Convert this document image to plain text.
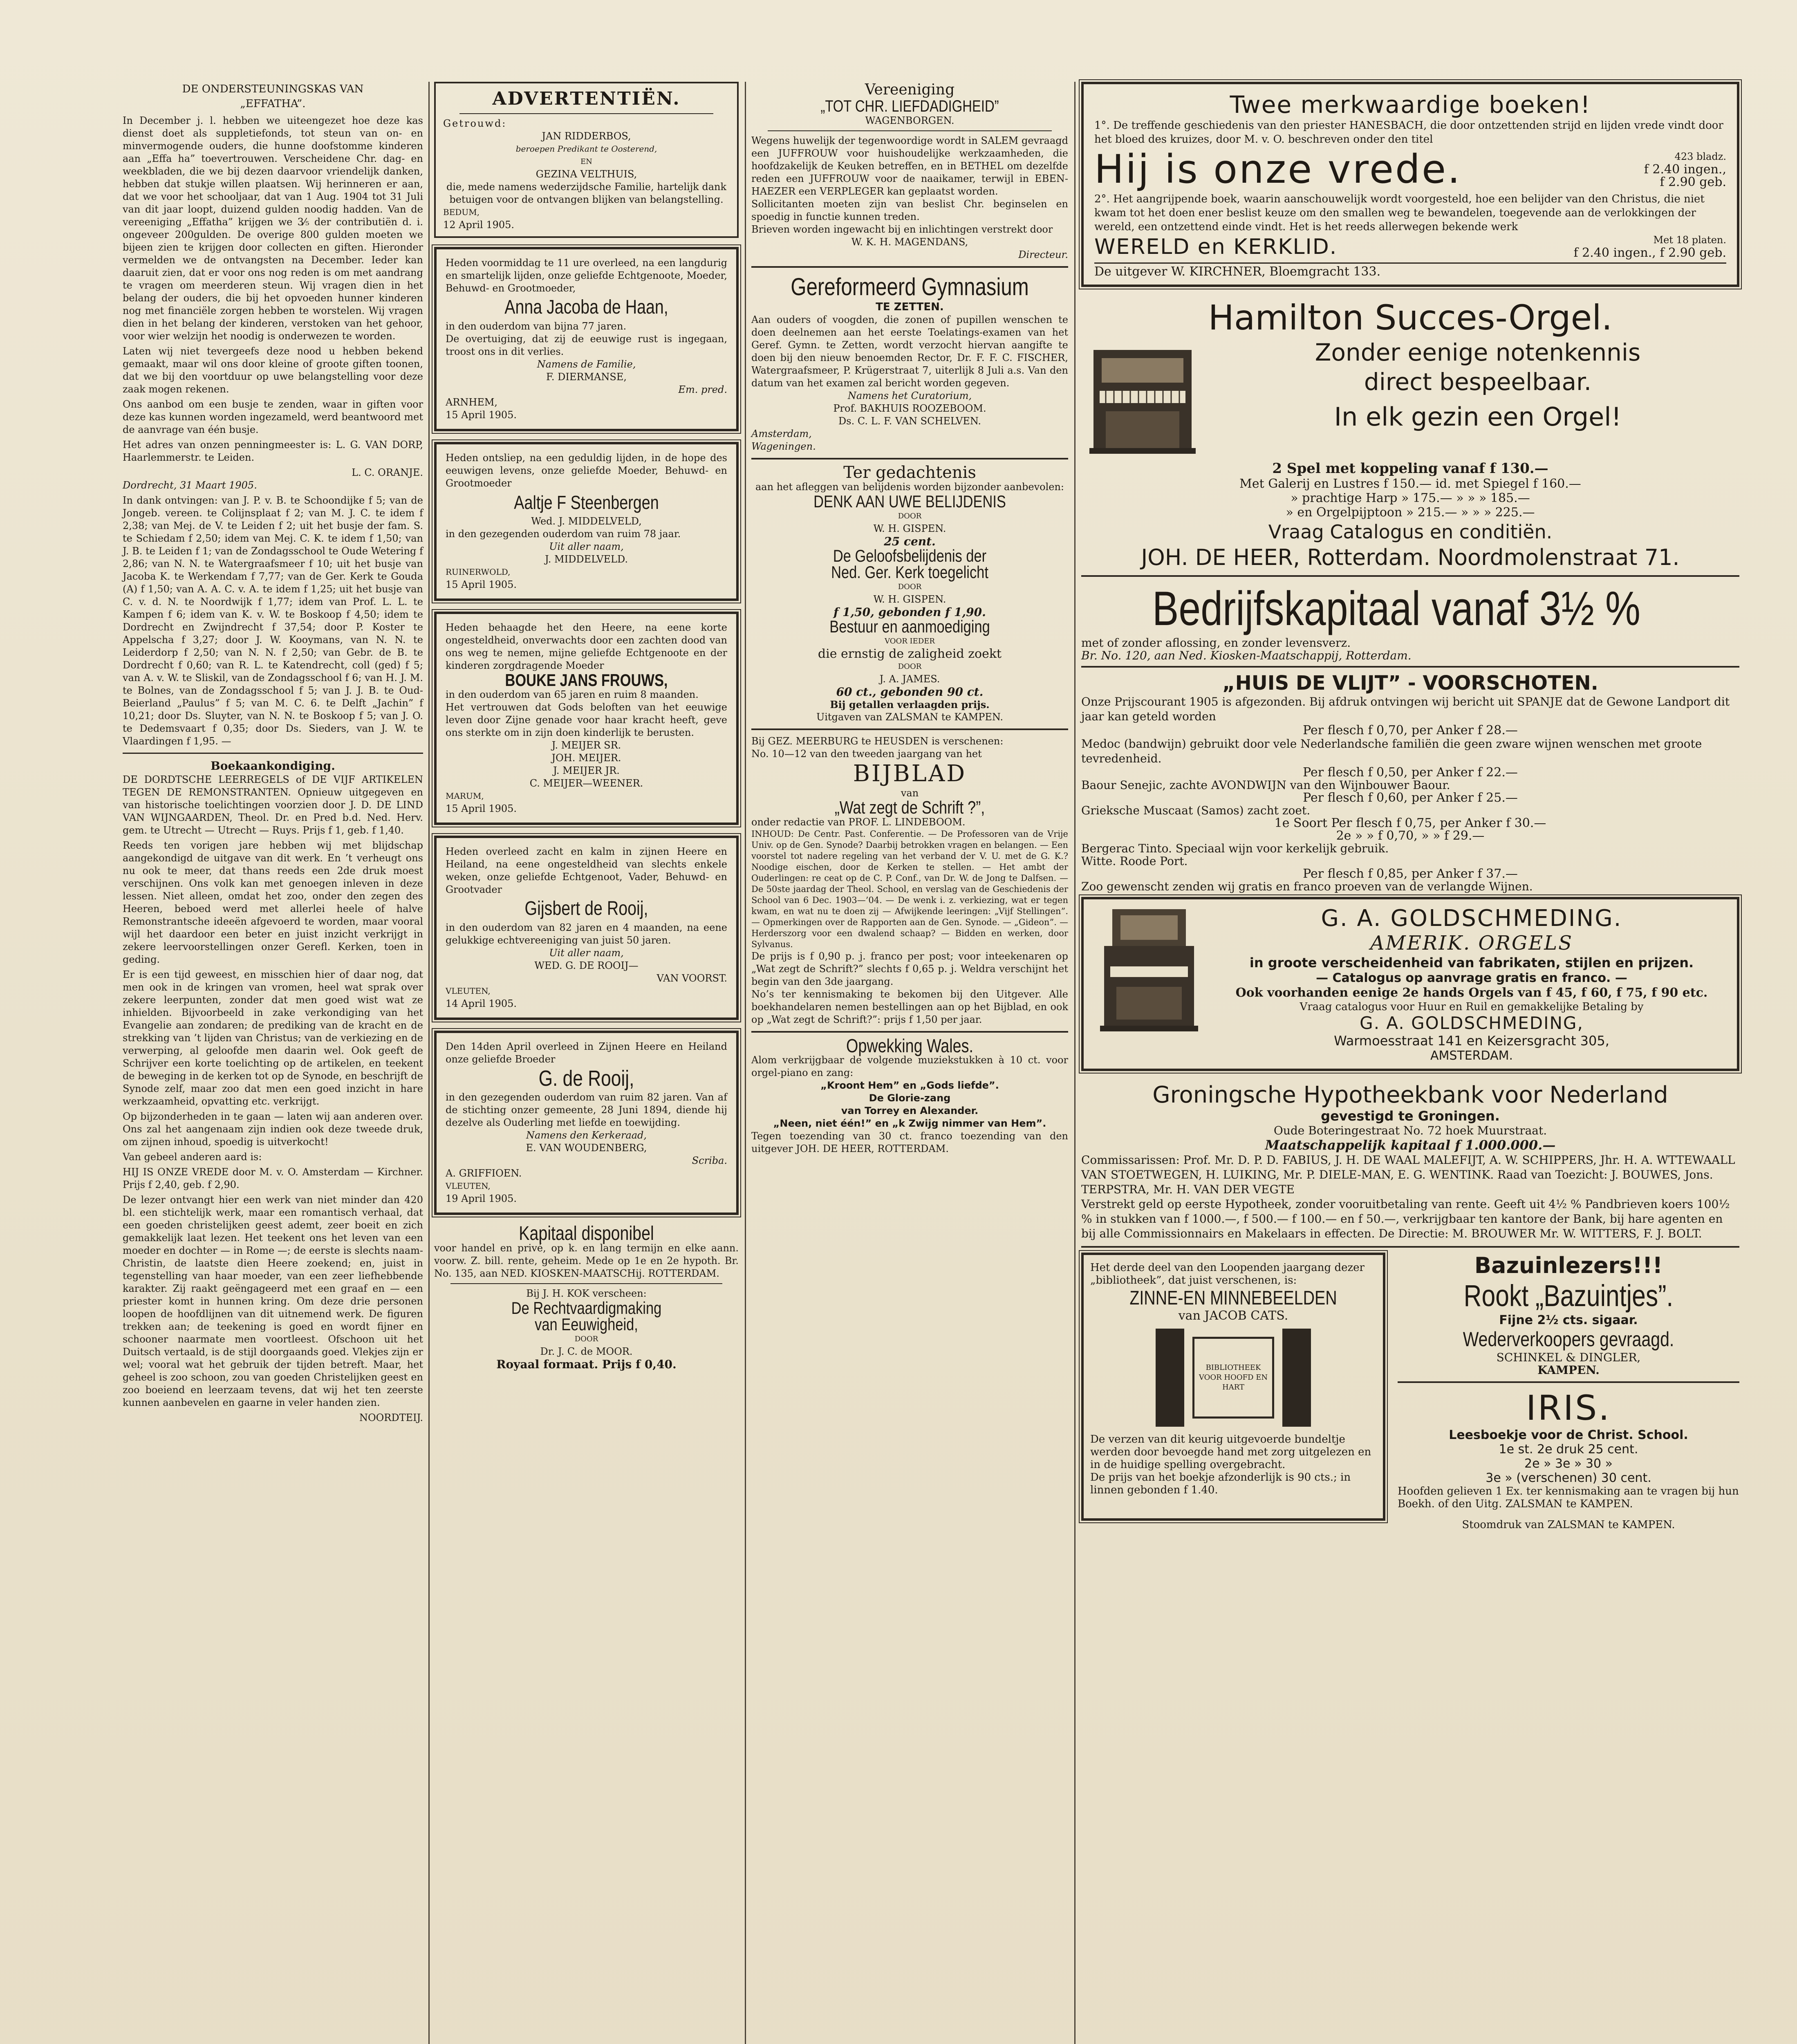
DE ONDERSTEUNINGSKAS VAN
„EFFATHA”.

In December j. l. hebben we uiteengezet hoe deze kas dienst doet als suppletiefonds, tot steun van on- en minvermogende ouders, die hunne doofstomme kinderen aan „Effa ha” toevertrouwen. Verscheidene Chr. dag- en weekbladen, die we bij dezen daarvoor vriendelijk danken, hebben dat stukje willen plaatsen. Wij herinneren er aan, dat we voor het schooljaar, dat van 1 Aug. 1904 tot 31 Juli van dit jaar loopt, duizend gulden noodig hadden. Van de vereeniging „Effatha” krijgen we 3⁄₅ der contributiën d. i. ongeveer 200gulden. De overige 800 gulden moeten we bijeen zien te krijgen door collecten en giften. Hieronder vermelden we de ontvangsten na December. Ieder kan daaruit zien, dat er voor ons nog reden is om met aandrang te vragen om meerderen steun. Wij vragen dien in het belang der ouders, die bij het opvoeden hunner kinderen nog met financiële zorgen hebben te worstelen. Wij vragen dien in het belang der kinderen, verstoken van het gehoor, voor wier welzijn het noodig is onderwezen te worden.

Laten wij niet tevergeefs deze nood u hebben bekend gemaakt, maar wil ons door kleine of groote giften toonen, dat we bij den voortduur op uwe belangstelling voor deze zaak mogen rekenen.

Ons aanbod om een busje te zenden, waar in giften voor deze kas kunnen worden ingezameld, werd beantwoord met de aanvrage van één busje.

Het adres van onzen penningmeester is: L. G. VAN DORP, Haarlemmerstr. te Leiden.

L. C. ORANJE.

Dordrecht, 31 Maart 1905.

In dank ontvingen: van J. P. v. B. te Schoondijke f 5; van de Jongeb. vereen. te Colijnsplaat f 2; van M. J. C. te idem f 2,38; van Mej. de V. te Leiden f 2; uit het busje der fam. S. te Schiedam f 2,50; idem van Mej. C. K. te idem f 1,50; van J. B. te Leiden f 1; van de Zondagsschool te Oude Wetering f 2,86; van N. N. te Watergraafsmeer f 10; uit het busje van Jacoba K. te Werkendam f 7,77; van de Ger. Kerk te Gouda (A) f 1,50; van A. A. C. v. A. te idem f 1,25; uit het busje van C. v. d. N. te Noordwijk f 1,77; idem van Prof. L. L. te Kampen f 6; idem van K. v. W. te Boskoop f 4,50; idem te Dordrecht en Zwijndrecht f 37,54; door P. Koster te Appelscha f 3,27; door J. W. Kooymans, van N. N. te Leiderdorp f 2,50; van N. N. f 2,50; van Gebr. de B. te Dordrecht f 0,60; van R. L. te Katendrecht, coll (ged) f 5; van A. v. W. te Sliskil, van de Zondagsschool f 6; van H. J. M. te Bolnes, van de Zondagsschool f 5; van J. J. B. te Oud-Beierland „Paulus” f 5; van M. C. 6. te Delft „Jachin” f 10,21; door Ds. Sluyter, van N. N. te Boskoop f 5; van J. O. te Dedemsvaart f 0,35; door Ds. Sieders, van J. W. te Vlaardingen f 1,95. —

Boekaankondiging.

DE DORDTSCHE LEERREGELS of DE VIJF ARTIKELEN TEGEN DE REMONSTRANTEN. Opnieuw uitgegeven en van historische toelichtingen voorzien door J. D. DE LIND VAN WIJNGAARDEN, Theol. Dr. en Pred b.d. Ned. Herv. gem. te Utrecht — Utrecht — Ruys. Prijs f 1, geb. f 1,40.

Reeds ten vorigen jare hebben wij met blijdschap aangekondigd de uitgave van dit werk. En ’t verheugt ons nu ook te meer, dat thans reeds een 2de druk moest verschijnen. Ons volk kan met genoegen inleven in deze lessen. Niet alleen, omdat het zoo, onder den zegen des Heeren, beboed werd met allerlei heele of halve Remonstrantsche ideeën afgevoerd te worden, maar vooral wijl het daardoor een beter en juist inzicht verkrijgt in zekere leervoorstellingen onzer Gerefl. Kerken, toen in geding.

Er is een tijd geweest, en misschien hier of daar nog, dat men ook in de kringen van vromen, heel wat sprak over zekere leerpunten, zonder dat men goed wist wat ze inhielden. Bijvoorbeeld in zake verkondiging van het Evangelie aan zondaren; de prediking van de kracht en de strekking van ’t lijden van Christus; van de verkiezing en de verwerping, al geloofde men daarin wel. Ook geeft de Schrijver een korte toelichting op de artikelen, en teekent de beweging in de kerken tot op de Synode, en beschrijft de Synode zelf, maar zoo dat men een goed inzicht in hare werkzaamheid, opvatting etc. verkrijgt.

Op bijzonderheden in te gaan — laten wij aan anderen over. Ons zal het aangenaam zijn indien ook deze tweede druk, om zijnen inhoud, spoedig is uitverkocht!

Van gebeel anderen aard is:

HIJ IS ONZE VREDE door M. v. O. Amsterdam — Kirchner. Prijs f 2,40, geb. f 2,90.

De lezer ontvangt hier een werk van niet minder dan 420 bl. een stichtelijk werk, maar een romantisch verhaal, dat een goeden christelijken geest ademt, zeer boeit en zich gemakkelijk laat lezen. Het teekent ons het leven van een moeder en dochter — in Rome —; de eerste is slechts naam-Christin, de laatste dien Heere zoekend; en, juist in tegenstelling van haar moeder, van een zeer liefhebbende karakter. Zij raakt geëngageerd met een graaf en — een priester komt in hunnen kring. Om deze drie personen loopen de hoofdlijnen van dit uitnemend werk. De figuren trekken aan; de teekening is goed en wordt fijner en schooner naarmate men voortleest. Ofschoon uit het Duitsch vertaald, is de stijl doorgaands goed. Vlekjes zijn er wel; vooral wat het gebruik der tijden betreft. Maar, het geheel is zoo schoon, zou van goeden Christelijken geest en zoo boeiend en leerzaam tevens, dat wij het ten zeerste kunnen aanbevelen en gaarne in veler handen zien.

NOORDTEIJ.
ADVERTENTIËN.
Getrouwd:
JAN RIDDERBOS,
beroepen Predikant te Oosterend,
EN
GEZINA VELTHUIS,
die, mede namens wederzijdsche Familie, hartelijk dank betuigen voor de ontvangen blijken van belangstelling.
BEDUM,
12 April 1905.
Heden voormiddag te 11 ure overleed, na een langdurig en smartelijk lijden, onze geliefde Echtgenoote, Moeder, Behuwd- en Grootmoeder,
Anna Jacoba de Haan,
in den ouderdom van bijna 77 jaren.
De overtuiging, dat zij de eeuwige rust is ingegaan, troost ons in dit verlies.
Namens de Familie,
F. DIERMANSE,
Em. pred.
ARNHEM,
15 April 1905.
Heden ontsliep, na een geduldig lijden, in de hope des eeuwigen levens, onze geliefde Moeder, Behuwd- en Grootmoeder
Aaltje F Steenbergen
Wed. J. MIDDELVELD,
in den gezegenden ouderdom van ruim 78 jaar.
Uit aller naam,
J. MIDDELVELD.
RUINERWOLD,
15 April 1905.
Heden behaagde het den Heere, na eene korte ongesteldheid, onverwachts door een zachten dood van ons weg te nemen, mijne geliefde Echtgenoote en der kinderen zorgdragende Moeder
BOUKE JANS FROUWS,
in den ouderdom van 65 jaren en ruim 8 maanden.
Het vertrouwen dat Gods beloften van het eeuwige leven door Zijne genade voor haar kracht heeft, geve ons sterkte om in zijn doen kinderlijk te berusten.
J. MEIJER SR.
JOH. MEIJER.
J. MEIJER JR.
C. MEIJER—WEENER.
MARUM,
15 April 1905.
Heden overleed zacht en kalm in zijnen Heere en Heiland, na eene ongesteldheid van slechts enkele weken, onze geliefde Echtgenoot, Vader, Behuwd- en Grootvader
Gijsbert de Rooij,
in den ouderdom van 82 jaren en 4 maanden, na eene gelukkige echtvereeniging van juist 50 jaren.
Uit aller naam,
WED. G. DE ROOIJ—
VAN VOORST.
VLEUTEN,
14 April 1905.
Den 14den April overleed in Zijnen Heere en Heiland onze geliefde Broeder
G. de Rooij,
in den gezegenden ouderdom van ruim 82 jaren. Van af de stichting onzer gemeente, 28 Juni 1894, diende hij dezelve als Ouderling met liefde en toewijding.
Namens den Kerkeraad,
E. VAN WOUDENBERG,
Scriba.
A. GRIFFIOEN.
VLEUTEN,
19 April 1905.
Kapitaal disponibel
voor handel en privé, op k. en lang termijn en elke aann. voorw. Z. bill. rente, geheim. Mede op 1e en 2e hypoth. Br. No. 135, aan NED. KIOSKEN-MAATSCHij. ROTTERDAM.
Bij J. H. KOK verscheen:
De Rechtvaardigmaking van Eeuwigheid,
DOOR
Dr. J. C. de MOOR.
Royaal formaat. Prijs f 0,40.
Vereeniging
„TOT CHR. LIEFDADIGHEID”
WAGENBORGEN.
Wegens huwelijk der tegenwoordige wordt in SALEM gevraagd een JUFFROUW voor huishoudelijke werkzaamheden, die hoofdzakelijk de Keuken betreffen, en in BETHEL om dezelfde reden een JUFFROUW voor de naaikamer, terwijl in EBEN-HAEZER een VERPLEGER kan geplaatst worden.
Sollicitanten moeten zijn van beslist Chr. beginselen en spoedig in functie kunnen treden.
Brieven worden ingewacht bij en inlichtingen verstrekt door
W. K. H. MAGENDANS,
Directeur.
Gereformeerd Gymnasium
TE ZETTEN.
Aan ouders of voogden, die zonen of pupillen wenschen te doen deelnemen aan het eerste Toelatings-examen van het Geref. Gymn. te Zetten, wordt verzocht hiervan aangifte te doen bij den nieuw benoemden Rector, Dr. F. F. C. FISCHER, Watergraafsmeer, P. Krügerstraat 7, uiterlijk 8 Juli a.s. Van den datum van het examen zal bericht worden gegeven.
Namens het Curatorium,
Prof. BAKHUIS ROOZEBOOM.
Ds. C. L. F. VAN SCHELVEN.
Amsterdam,
Wageningen.
Ter gedachtenis
aan het afleggen van belijdenis worden bijzonder aanbevolen:
DENK AAN UWE BELIJDENIS
DOOR
W. H. GISPEN.
25 cent.
De Geloofsbelijdenis der Ned. Ger. Kerk toegelicht
DOOR
W. H. GISPEN.
f 1,50, gebonden f 1,90.
Bestuur en aanmoediging
VOOR IEDER
die ernstig de zaligheid zoekt
DOOR
J. A. JAMES.
60 ct., gebonden 90 ct.
Bij getallen verlaagden prijs.
Uitgaven van ZALSMAN te KAMPEN.
Bij GEZ. MEERBURG te HEUSDEN is verschenen:
No. 10—12 van den tweeden jaargang van het
BIJBLAD
van
„Wat zegt de Schrift ?”,
onder redactie van PROF. L. LINDEBOOM.
INHOUD: De Centr. Past. Conferentie. — De Professoren van de Vrije Univ. op de Gen. Synode? Daarbij betrokken vragen en belangen. — Een voorstel tot nadere regeling van het verband der V. U. met de G. K.? Noodige eischen, door de Kerken te stellen. — Het ambt der Ouderlingen: re ceat op de C. P. Conf., van Dr. W. de Jong te Dalfsen. — De 50ste jaardag der Theol. School, en verslag van de Geschiedenis der School van 6 Dec. 1903—’04. — De wenk i. z. verkiezing, wat er tegen kwam, en wat nu te doen zij — Afwijkende leeringen: „Vijf Stellingen”. — Opmerkingen over de Rapporten aan de Gen. Synode. — „Gideon”. — Herderszorg voor een dwalend schaap? — Bidden en werken, door Sylvanus.
De prijs is f 0,90 p. j. franco per post; voor inteekenaren op „Wat zegt de Schrift?” slechts f 0,65 p. j. Weldra verschijnt het begin van den 3de jaargang.
No’s ter kennismaking te bekomen bij den Uitgever. Alle boekhandelaren nemen bestellingen aan op het Bijblad, en ook op „Wat zegt de Schrift?”: prijs f 1,50 per jaar.
Opwekking Wales.
Alom verkrijgbaar de volgende muziekstukken à 10 ct. voor orgel-piano en zang:
„Kroont Hem” en „Gods liefde”.
De Glorie-zang
van Torrey en Alexander.
„Neen, niet één!” en „k Zwijg nimmer van Hem”.
Tegen toezending van 30 ct. franco toezending van den uitgever JOH. DE HEER, ROTTERDAM.
Twee merkwaardige boeken!
1°. De treffende geschiedenis van den priester HANESBACH, die door ontzettenden strijd en lijden vrede vindt door het bloed des kruizes, door M. v. O. beschreven onder den titel
Hij is onze vrede.	423 bladz.
f 2.40 ingen.,
f 2.90 geb.
2°. Het aangrijpende boek, waarin aanschouwelijk wordt voorgesteld, hoe een belijder van den Christus, die niet kwam tot het doen ener beslist keuze om den smallen weg te bewandelen, toegevende aan de verlokkingen der wereld, een ontzettend einde vindt. Het is het reeds allerwegen bekende werk
WERELD en KERKLID.	Met 18 platen.
f 2.40 ingen., f 2.90 geb.
De uitgever W. KIRCHNER, Bloemgracht 133.
Hamilton Succes-Orgel.
Zonder eenige notenkennis
direct bespeelbaar.
In elk gezin een Orgel!
2 Spel met koppeling vanaf f 130.—
Met Galerij en Lustres f 150.— id. met Spiegel f 160.—
» prachtige Harp » 175.— » » » 185.—
» en Orgelpijptoon » 215.— » » » 225.—
Vraag Catalogus en conditiën.
JOH. DE HEER, Rotterdam. Noordmolenstraat 71.
Bedrijfskapitaal vanaf 3½ %
met of zonder aflossing, en zonder levensverz.
Br. No. 120, aan Ned. Kiosken-Maatschappij, Rotterdam.
„HUIS DE VLIJT” - VOORSCHOTEN.
Onze Prijscourant 1905 is afgezonden. Bij afdruk ontvingen wij bericht uit SPANJE dat de Gewone Landport dit jaar kan geteld worden
Per flesch f 0,70, per Anker f 28.—
Medoc (bandwijn) gebruikt door vele Nederlandsche familiën die geen zware wijnen wenschen met groote tevredenheid.
Per flesch f 0,50, per Anker f 22.—
Baour Senejic, zachte AVONDWIJN van den Wijnbouwer Baour.
Per flesch f 0,60, per Anker f 25.—
Grieksche Muscaat (Samos) zacht zoet.
1e Soort Per flesch f 0,75, per Anker f 30.—
2e » » f 0,70, » » f 29.—
Bergerac Tinto. Speciaal wijn voor kerkelijk gebruik.
Witte. Roode Port.
Per flesch f 0,85, per Anker f 37.—
Zoo gewenscht zenden wij gratis en franco proeven van de verlangde Wijnen.
G. A. GOLDSCHMEDING.
AMERIK. ORGELS
in groote verscheidenheid van fabrikaten, stijlen en prijzen.
— Catalogus op aanvrage gratis en franco. —
Ook voorhanden eenige 2e hands Orgels van f 45, f 60, f 75, f 90 etc.
Vraag catalogus voor Huur en Ruil en gemakkelijke Betaling by
G. A. GOLDSCHMEDING,
Warmoesstraat 141 en Keizersgracht 305,
AMSTERDAM.
Groningsche Hypotheekbank voor Nederland
gevestigd te Groningen.
Oude Boteringestraat No. 72 hoek Muurstraat.
Maatschappelijk kapitaal f 1.000.000.—
Commissarissen: Prof. Mr. D. P. D. FABIUS, J. H. DE WAAL MALEFIJT, A. W. SCHIPPERS, Jhr. H. A. WTTEWAALL VAN STOETWEGEN, H. LUIKING, Mr. P. DIELE-MAN, E. G. WENTINK. Raad van Toezicht: J. BOUWES, Jons. TERPSTRA, Mr. H. VAN DER VEGTE
Verstrekt geld op eerste Hypotheek, zonder vooruitbetaling van rente. Geeft uit 4½ % Pandbrieven koers 100½ % in stukken van f 1000.—, f 500.— f 100.— en f 50.—, verkrijgbaar ten kantore der Bank, bij hare agenten en bij alle Commissionnairs en Makelaars in effecten. De Directie: M. BROUWER Mr. W. WITTERS, F. J. BOLT.
Het derde deel van den Loopenden jaargang dezer „bibliotheek”, dat juist verschenen, is:
ZINNE-EN MINNEBEELDEN
van JACOB CATS.
BIBLIOTHEEK VOOR HOOFD EN HART
De verzen van dit keurig uitgevoerde bundeltje werden door bevoegde hand met zorg uitgelezen en in de huidige spelling overgebracht.
De prijs van het boekje afzonderlijk is 90 cts.; in linnen gebonden f 1.40.
Bazuinlezers!!!
Rookt „Bazuintjes”.
Fijne 2½ cts. sigaar.
Wederverkoopers gevraagd.
SCHINKEL & DINGLER,
KAMPEN.
IRIS.
Leesboekje voor de Christ. School.
1e st. 2e druk 25 cent.
2e » 3e » 30 »
3e » (verschenen) 30 cent.
Hoofden gelieven 1 Ex. ter kennismaking aan te vragen bij hun Boekh. of den Uitg. ZALSMAN te KAMPEN.
Stoomdruk van ZALSMAN te KAMPEN.
